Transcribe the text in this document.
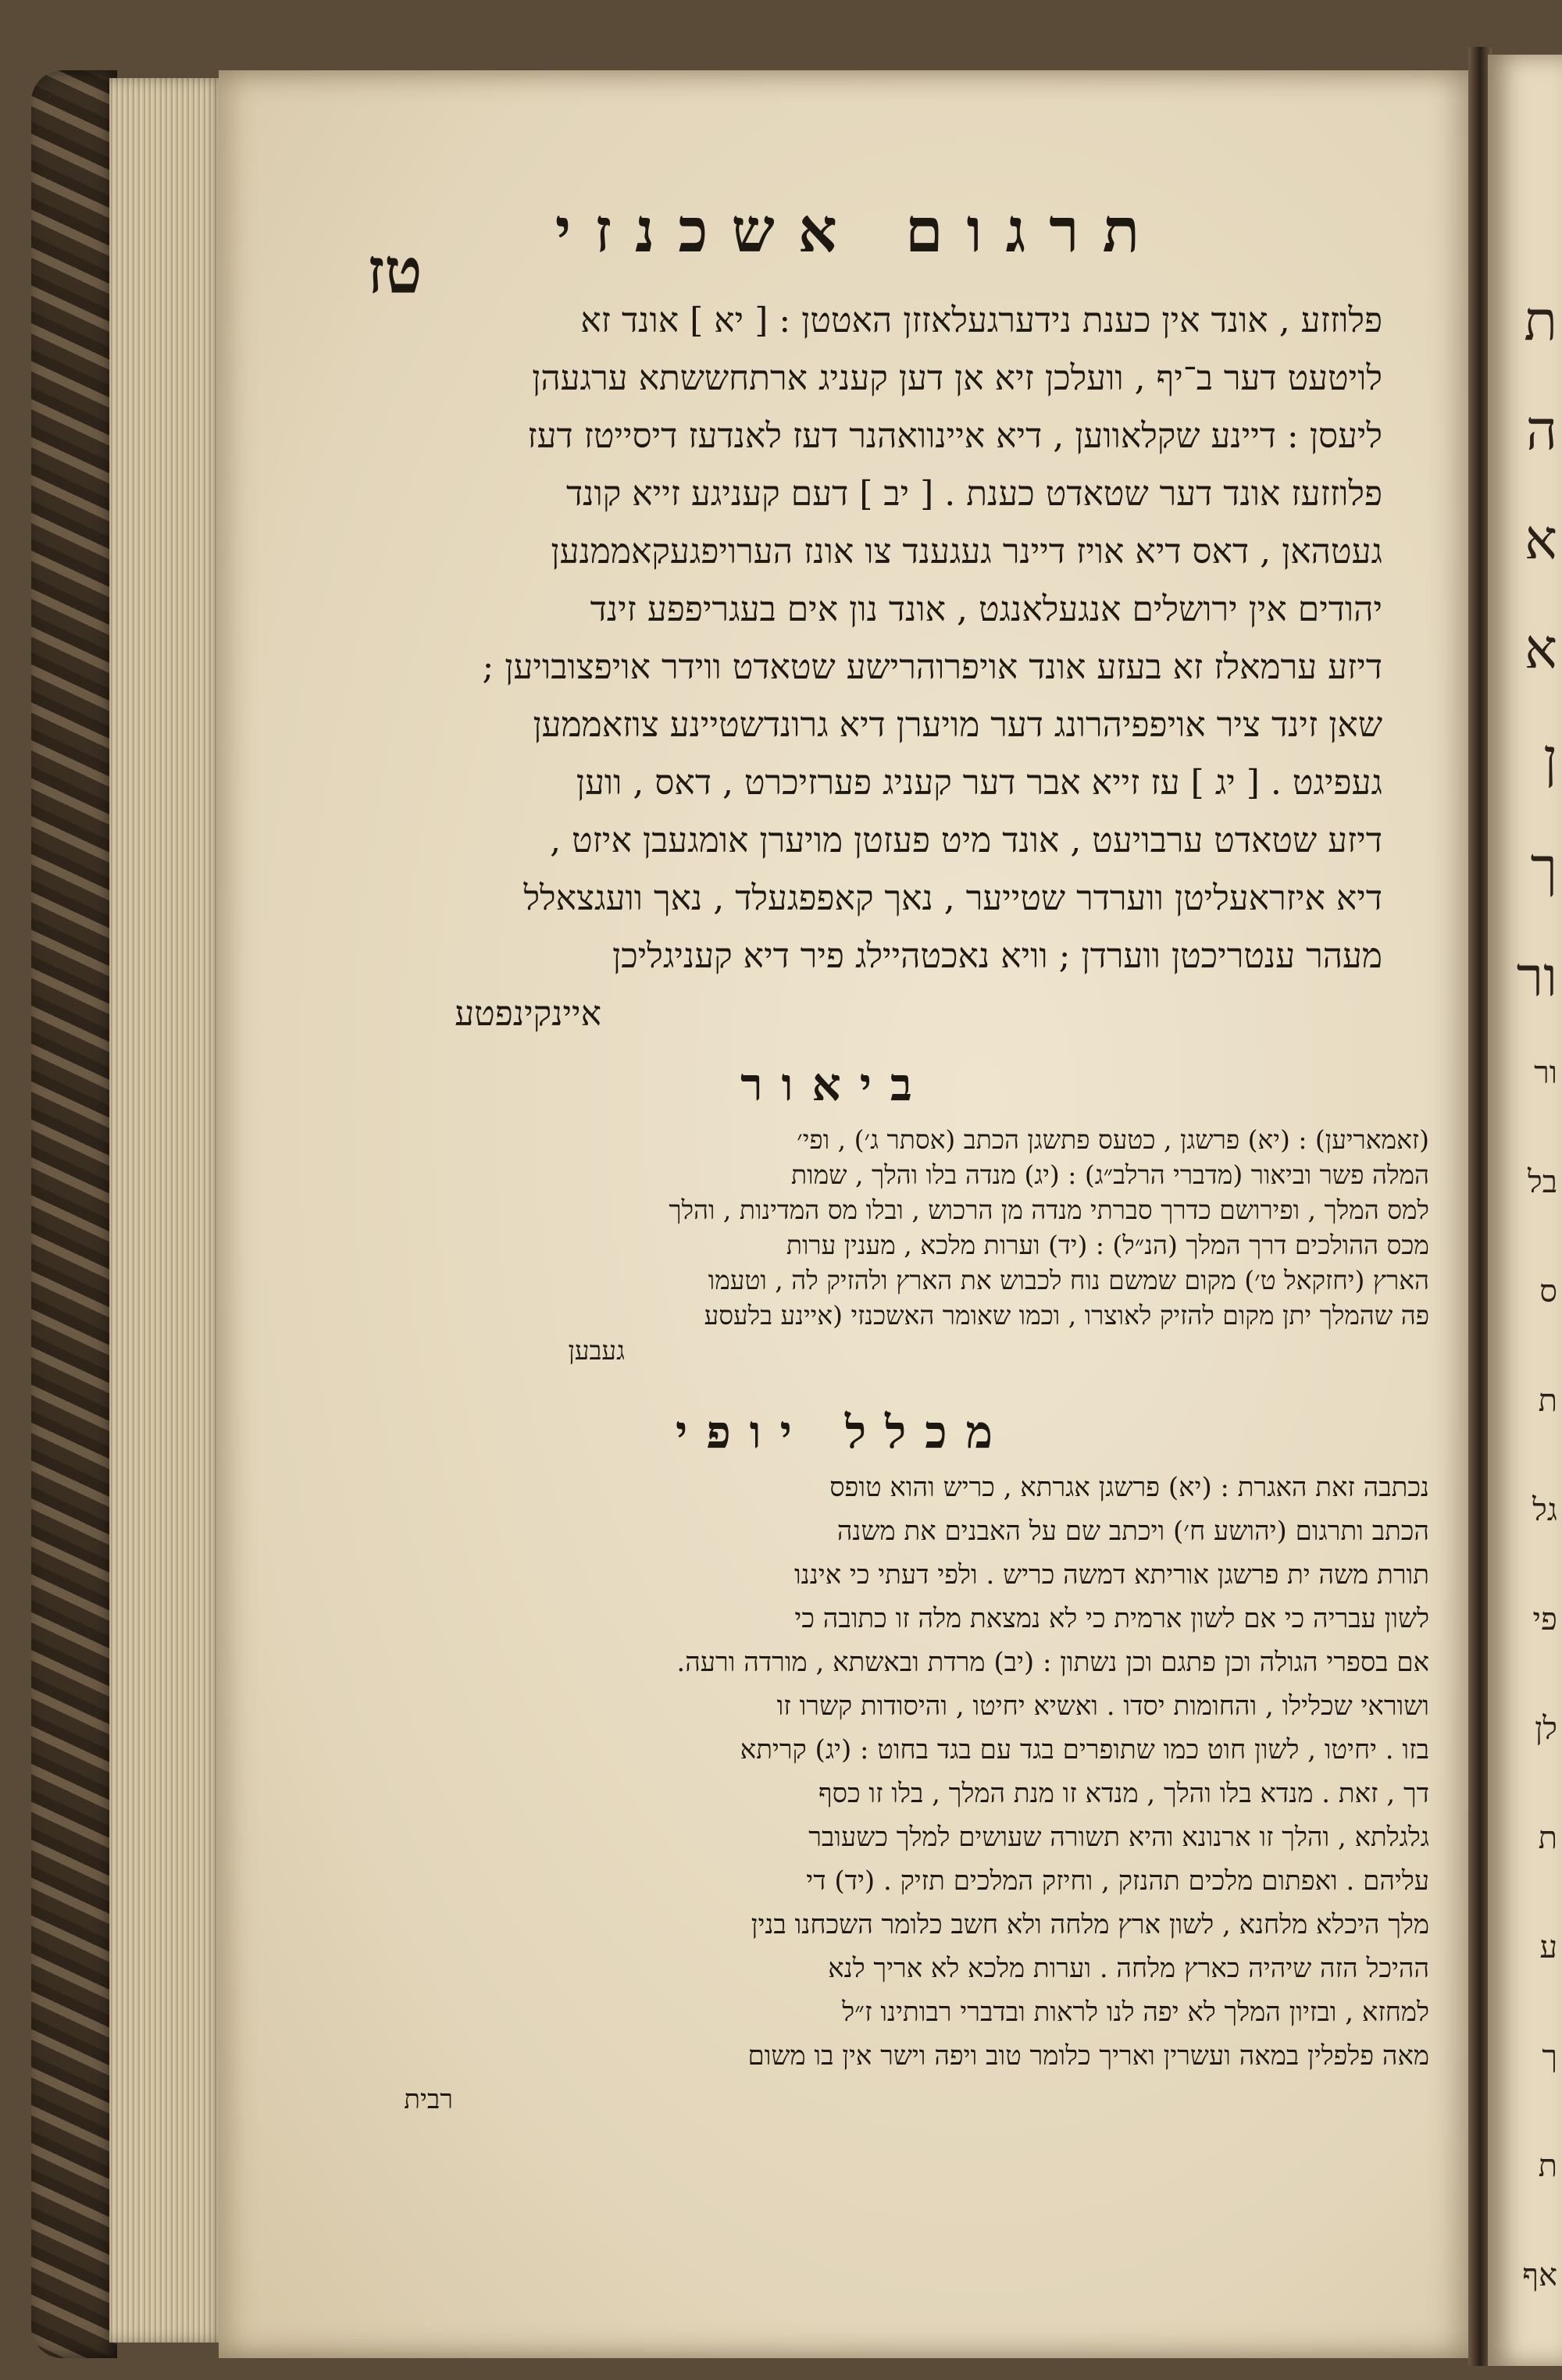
ת
ה
א
א
ן
ך
ור
ור
בל
ס
ת
גל
פי
לן
ת
ע
ך
ת
אף
טז
תרגום אשכנזי
פלוזזע , אונד אין כענת נידערגעלאזזן האטטן : [ יא ] אונד זא
לויטעט דער ב־יף , וועלכן זיא אן דען קעניג ארתחששתא ערגעהן
ליעסן : דיינע שקלאווען , דיא איינוואהנר דעז לאנדעז דיסייטז דעז
פלוזזעז אונד דער שטאדט כענת . [ יב ] דעם קעניגע זייא קונד
געטהאן , דאס דיא אויז דיינר געגענד צו אונז הערויפגעקאממנען
יהודים אין ירושלים אנגעלאנגט , אונד נון אים בעגריפפע זינד
דיזע ערמאלז זא בעזע אונד אויפרוהרישע שטאדט ווידר אויפצובויען ;
שאן זינד ציר אויפפיהרונג דער מויערן דיא גרונדשטיינע צוזאממען
געפיגט . [ יג ] עז זייא אבר דער קעניג פערזיכרט , דאס , ווען
דיזע שטאדט ערבויעט , אונד מיט פעזטן מויערן אומגעבן איזט ,
דיא איזראעליטן ווערדר שטייער , נאך קאפפגעלד , נאך וועגצאלל
מעהר ענטריכטן ווערדן ; וויא נאכטהיילג פיר דיא קעניגליכן
איינקינפטע
ביאור
(זאמאריען) : (יא) פרשגן , כטעס פתשגן הכתב (אסתר ג׳) , ופי׳
המלה פשר וביאור (מדברי הרלב״ג) : (יג) מנדה בלו והלך , שמות
למס המלך , ופירושם כדרך סברתי מנדה מן הרכוש , ובלו מס המדינות , והלך
מכס ההולכים דרך המלך (הנ״ל) : (יד) וערות מלכא , מענין ערות
הארץ (יחזקאל ט׳) מקום שמשם נוח לכבוש את הארץ ולהזיק לה , וטעמו
פה שהמלך יתן מקום להזיק לאוצרו , וכמו שאומר האשכנזי (איינע בלעסע
געבען
מכלל יופי
נכתבה זאת האגרת : (יא) פרשגן אגרתא , כריש והוא טופס
הכתב ותרגום (יהושע ח׳) ויכתב שם על האבנים את משנה
תורת משה ית פרשגן אוריתא דמשה כריש . ולפי דעתי כי איננו
לשון עבריה כי אם לשון ארמית כי לא נמצאת מלה זו כתובה כי
אם בספרי הגולה וכן פתגם וכן נשתון : (יב) מרדת ובאשתא , מורדה ורעה.
ושוראי שכלילו , והחומות יסדו . ואשיא יחיטו , והיסודות קשרו זו
בזו . יחיטו , לשון חוט כמו שתופרים בגד עם בגד בחוט : (יג) קריתא
דך , זאת . מנדא בלו והלך , מנדא זו מנת המלך , בלו זו כסף
גלגלתא , והלך זו ארנונא והיא תשורה שעושים למלך כשעובר
עליהם . ואפתום מלכים תהנזק , וחיזק המלכים תזיק . (יד) די
מלך היכלא מלחנא , לשון ארץ מלחה ולא חשב כלומר השכחנו בנין
ההיכל הזה שיהיה כארץ מלחה . וערות מלכא לא אריך לנא
למחזא , ובזיון המלך לא יפה לנו לראות ובדברי רבותינו ז״ל
מאה פלפלין במאה ועשרין ואריך כלומר טוב ויפה וישר אין בו משום
רבית
